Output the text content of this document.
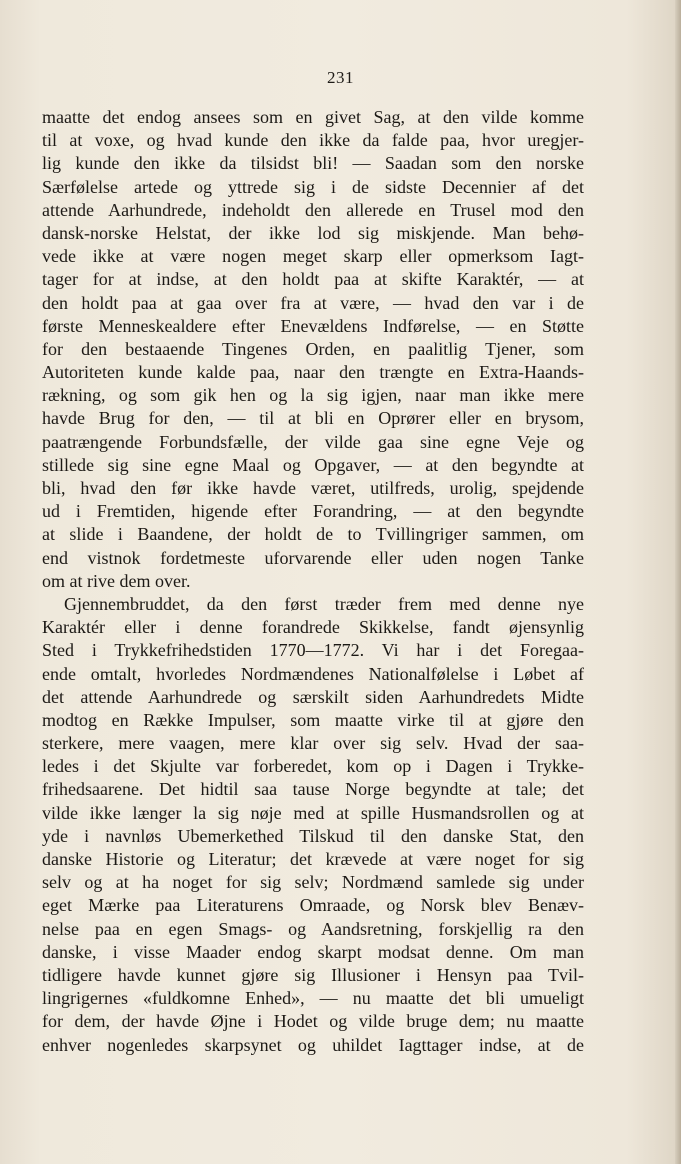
231
maatte det endog ansees som en givet Sag, at den vilde komme
til at voxe, og hvad kunde den ikke da falde paa, hvor uregjer-
lig kunde den ikke da tilsidst bli! — Saadan som den norske
Særfølelse artede og yttrede sig i de sidste Decennier af det
attende Aarhundrede, indeholdt den allerede en Trusel mod den
dansk-norske Helstat, der ikke lod sig miskjende. Man behø-
vede ikke at være nogen meget skarp eller opmerksom Iagt-
tager for at indse, at den holdt paa at skifte Karaktér, — at
den holdt paa at gaa over fra at være, — hvad den var i de
første Menneskealdere efter Enevældens Indførelse, — en Støtte
for den bestaaende Tingenes Orden, en paalitlig Tjener, som
Autoriteten kunde kalde paa, naar den trængte en Extra-Haands-
rækning, og som gik hen og la sig igjen, naar man ikke mere
havde Brug for den, — til at bli en Oprører eller en brysom,
paatrængende Forbundsfælle, der vilde gaa sine egne Veje og
stillede sig sine egne Maal og Opgaver, — at den begyndte at
bli, hvad den før ikke havde været, utilfreds, urolig, spejdende
ud i Fremtiden, higende efter Forandring, — at den begyndte
at slide i Baandene, der holdt de to Tvillingriger sammen, om
end vistnok fordetmeste uforvarende eller uden nogen Tanke
om at rive dem over.
Gjennembruddet, da den først træder frem med denne nye
Karaktér eller i denne forandrede Skikkelse, fandt øjensynlig
Sted i Trykkefrihedstiden 1770—1772. Vi har i det Foregaa-
ende omtalt, hvorledes Nordmændenes Nationalfølelse i Løbet af
det attende Aarhundrede og særskilt siden Aarhundredets Midte
modtog en Række Impulser, som maatte virke til at gjøre den
sterkere, mere vaagen, mere klar over sig selv. Hvad der saa-
ledes i det Skjulte var forberedet, kom op i Dagen i Trykke-
frihedsaarene. Det hidtil saa tause Norge begyndte at tale; det
vilde ikke længer la sig nøje med at spille Husmandsrollen og at
yde i navnløs Ubemerkethed Tilskud til den danske Stat, den
danske Historie og Literatur; det krævede at være noget for sig
selv og at ha noget for sig selv; Nordmænd samlede sig under
eget Mærke paa Literaturens Omraade, og Norsk blev Benæv-
nelse paa en egen Smags- og Aandsretning, forskjellig ra den
danske, i visse Maader endog skarpt modsat denne. Om man
tidligere havde kunnet gjøre sig Illusioner i Hensyn paa Tvil-
lingrigernes «fuldkomne Enhed», — nu maatte det bli umueligt
for dem, der havde Øjne i Hodet og vilde bruge dem; nu maatte
enhver nogenledes skarpsynet og uhildet Iagttager indse, at de
